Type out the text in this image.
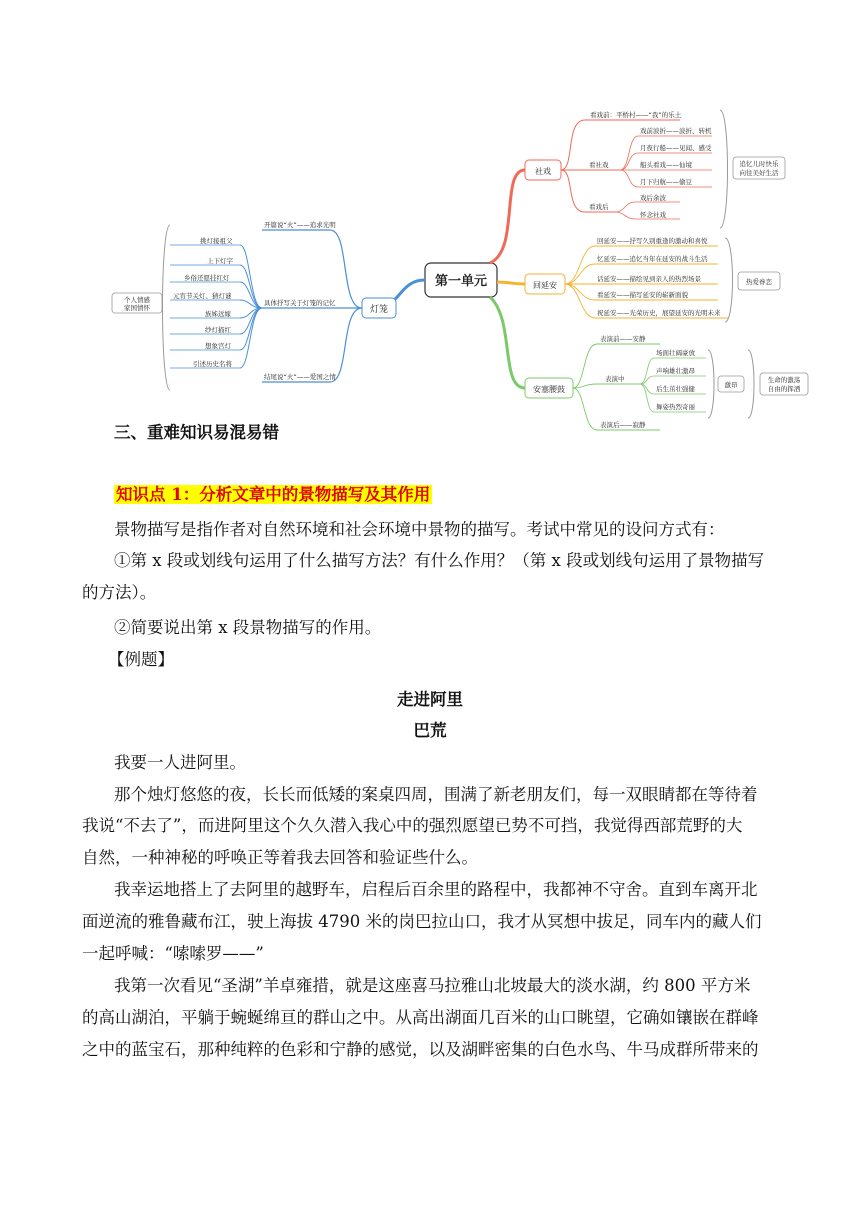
第一单元
灯笼
开篇说“火”——追求光明
具体抒写关于灯笼的记忆
结尾说“火”——爱国之情
挑灯接祖父
上下灯字
乡俗还愿挂红灯
元宵节关灯、猜灯谜
族姊远嫁
纱灯描红
想象宫灯
引述历史名将
个人情感
家国情怀
社戏
看戏前：平桥村——“我”的乐土
看社戏
看戏后
戏前波折——波折、转机
月夜行船——见闻、感受
船头看戏——仙境
月下归航——偷豆
戏后余波
怀念社戏
追忆儿时快乐
向往美好生活
回延安
回延安——抒写久别重逢的激动和喜悦
忆延安——追忆当年在延安的战斗生活
话延安——描绘见到亲人的热烈场景
看延安——描写延安的崭新面貌
祝延安——光荣历史，展望延安的光明未来
热爱眷恋
安塞腰鼓
表演前——安静
表演中
表演后——寂静
场面壮阔豪放
声响雄壮激昂
后生茁壮强健
舞姿热烈奇丽
激昂
生命的激荡
自由的挥洒
三、重难知识易混易错
知识点 1：分析文章中的景物描写及其作用
景物描写是指作者对自然环境和社会环境中景物的描写。考试中常见的设问方式有：
①第 x 段或划线句运用了什么描写方法？有什么作用？（第 x 段或划线句运用了景物描写
的方法）。
②简要说出第 x 段景物描写的作用。
【例题】
走进阿里
巴荒
我要一人进阿里。
那个烛灯悠悠的夜，长长而低矮的案桌四周，围满了新老朋友们，每一双眼睛都在等待着
我说“不去了”，而进阿里这个久久潜入我心中的强烈愿望已势不可挡，我觉得西部荒野的大
自然，一种神秘的呼唤正等着我去回答和验证些什么。
我幸运地搭上了去阿里的越野车，启程后百余里的路程中，我都神不守舍。直到车离开北
面逆流的雅鲁藏布江，驶上海拔 4790 米的岗巴拉山口，我才从冥想中拔足，同车内的藏人们
一起呼喊：“嗦嗦罗——”
我第一次看见“圣湖”羊卓雍措，就是这座喜马拉雅山北坡最大的淡水湖，约 800 平方米
的高山湖泊，平躺于蜿蜒绵亘的群山之中。从高出湖面几百米的山口眺望，它确如镶嵌在群峰
之中的蓝宝石，那种纯粹的色彩和宁静的感觉，以及湖畔密集的白色水鸟、牛马成群所带来的
